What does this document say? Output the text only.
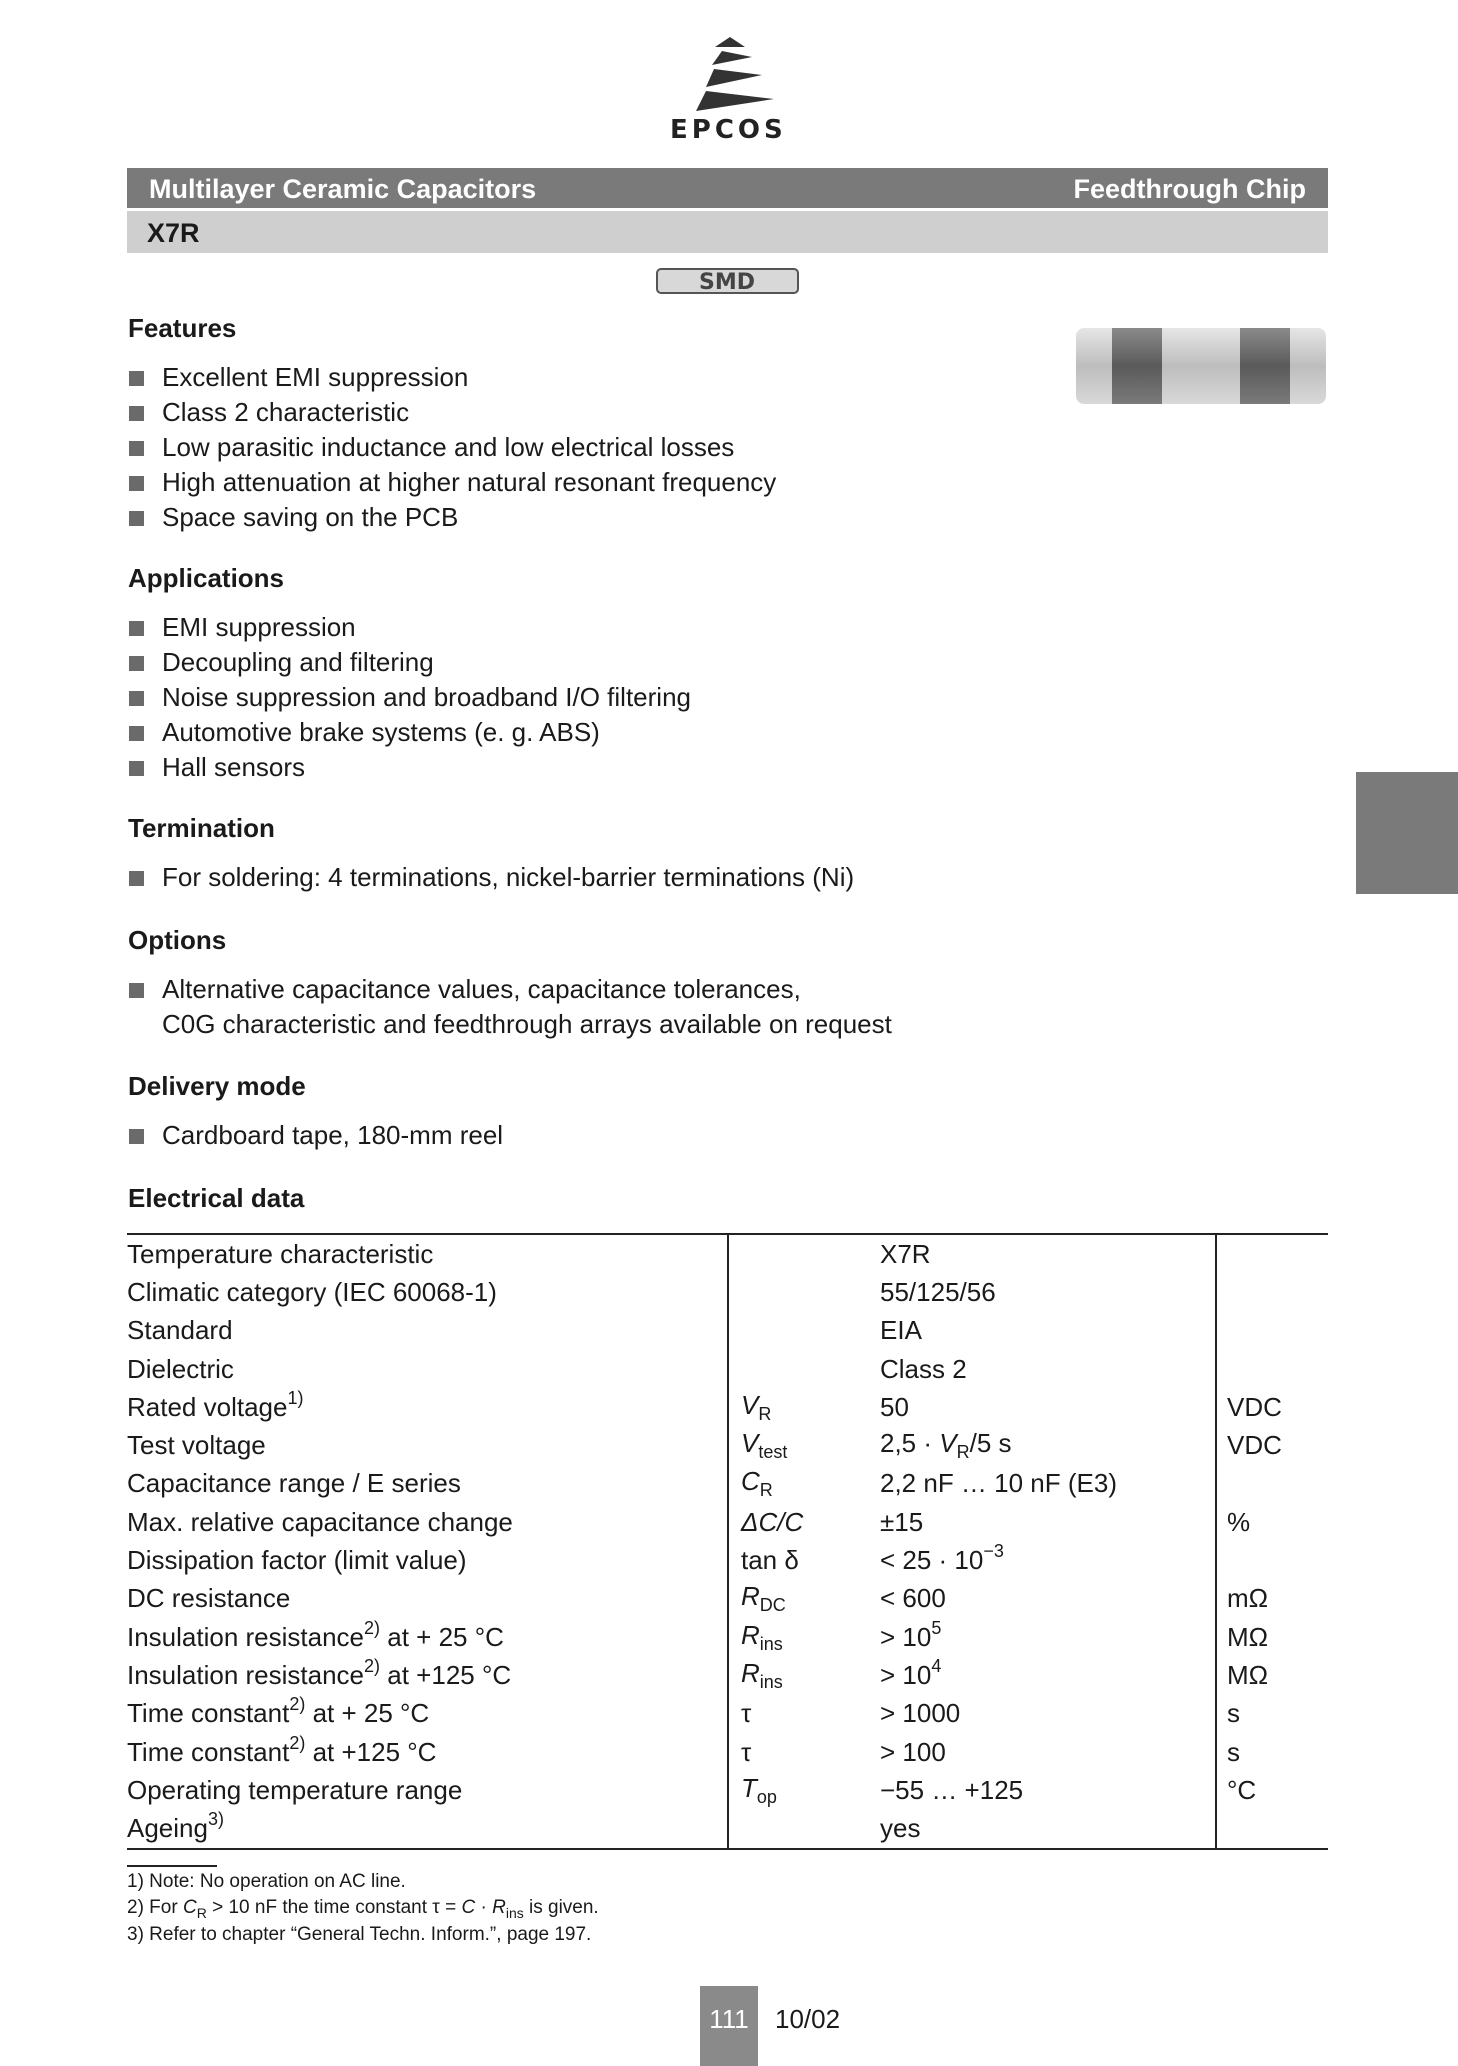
EPCOS
Multilayer Ceramic Capacitors	Feedthrough Chip
X7R
SMD
Features
Excellent EMI suppression
Class 2 characteristic
Low parasitic inductance and low electrical losses
High attenuation at higher natural resonant frequency
Space saving on the PCB
Applications
EMI suppression
Decoupling and filtering
Noise suppression and broadband I/O filtering
Automotive brake systems (e. g. ABS)
Hall sensors
Termination
For soldering: 4 terminations, nickel-barrier terminations (Ni)
Options
Alternative capacitance values, capacitance tolerances,
C0G characteristic and feedthrough arrays available on request
Delivery mode
Cardboard tape, 180-mm reel
Electrical data
Temperature characteristic		X7R	
Climatic category (IEC 60068-1)		55/125/56	
Standard		EIA	
Dielectric		Class 2	
Rated voltage$^{1)}$	$V_R$	50	VDC
Test voltage	$V_{test}$	$2,5 \cdot V_R/5$ s	VDC
Capacitance range / E series	$C_R$	2,2 nF … 10 nF (E3)	
Max. relative capacitance change	ΔC/C	±15	%
Dissipation factor (limit value)	tan δ	< $25 \cdot 10^{-3}$	
DC resistance	$R_{DC}$	< 600	mΩ
Insulation resistance$^{2)}$ at + 25 °C	$R_{ins}$	> $10^5$	MΩ
Insulation resistance$^{2)}$ at +125 °C	$R_{ins}$	> $10^4$	MΩ
Time constant$^{2)}$ at + 25 °C	τ	> 1000	s
Time constant$^{2)}$ at +125 °C	τ	> 100	s
Operating temperature range	$T_{op}$	−55 … +125	°C
Ageing$^{3)}$		yes	
1) Note: No operation on AC line.
2) For $C_R > 10$ nF the time constant $\tau = C \cdot R_{ins}$ is given.
3) Refer to chapter “General Techn. Inform.”, page 197.
111	10/02
